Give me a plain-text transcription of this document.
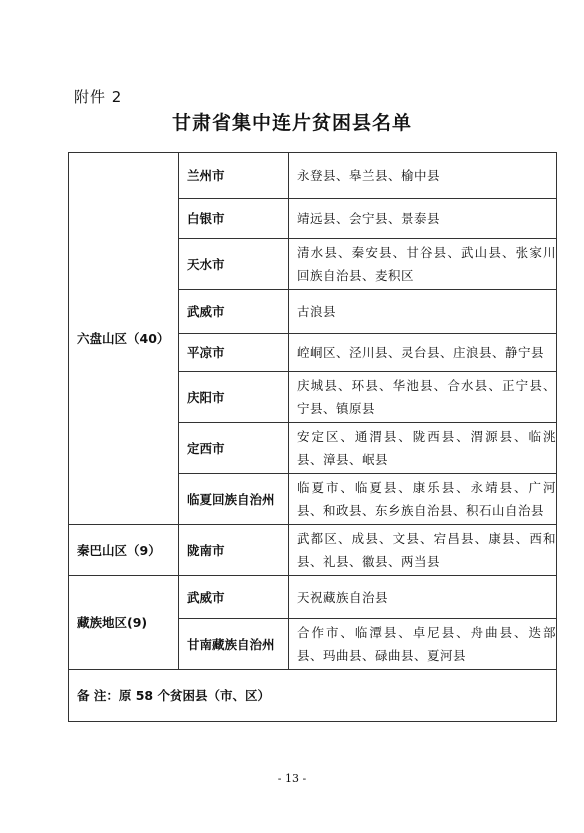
附件 2
甘肃省集中连片贫困县名单
六盘山区（40）	兰州市	永登县、皋兰县、榆中县
	白银市	靖远县、会宁县、景泰县
	天水市	清水县、秦安县、甘谷县、武山县、张家川回族自治县、麦积区
	武威市	古浪县
	平凉市	崆峒区、泾川县、灵台县、庄浪县、静宁县
	庆阳市	庆城县、环县、华池县、合水县、正宁县、宁县、镇原县
	定西市	安定区、通渭县、陇西县、渭源县、临洮县、漳县、岷县
	临夏回族自治州	临夏市、临夏县、康乐县、永靖县、广河县、和政县、东乡族自治县、积石山自治县
秦巴山区（9）	陇南市	武都区、成县、文县、宕昌县、康县、西和县、礼县、徽县、两当县
藏族地区(9)	武威市	天祝藏族自治县
	甘南藏族自治州	合作市、临潭县、卓尼县、舟曲县、迭部县、玛曲县、碌曲县、夏河县
备 注：原 58 个贫困县（市、区）		
- 13 -
